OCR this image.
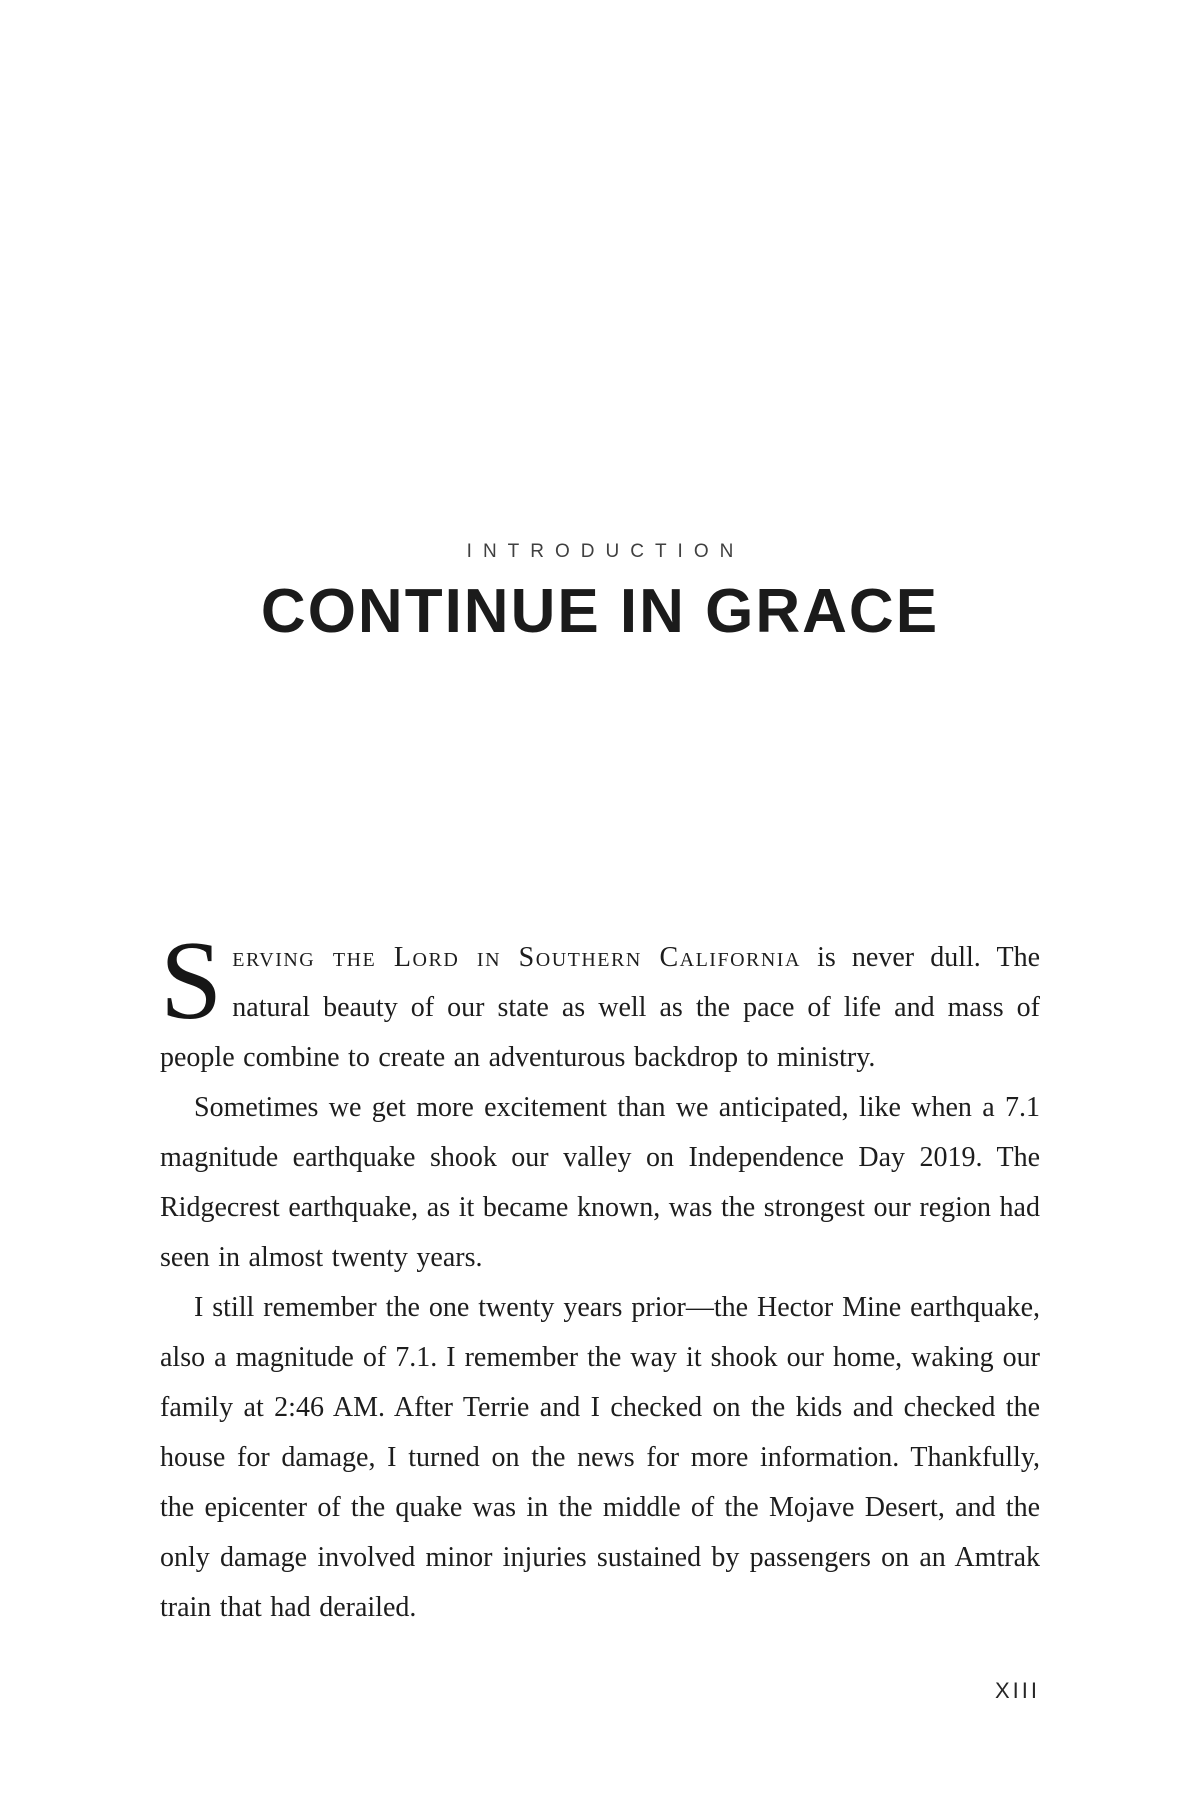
INTRODUCTION
CONTINUE IN GRACE

Serving the Lord in Southern California is never dull. The natural beauty of our state as well as the pace of life and mass of people combine to create an adventurous backdrop to ministry.

Sometimes we get more excitement than we anticipated, like when a 7.1 magnitude earthquake shook our valley on Independence Day 2019. The Ridgecrest earthquake, as it became known, was the strongest our region had seen in almost twenty years.

I still remember the one twenty years prior—the Hector Mine earthquake, also a magnitude of 7.1. I remember the way it shook our home, waking our family at 2:46 AM. After Terrie and I checked on the kids and checked the house for damage, I turned on the news for more information. Thankfully, the epicenter of the quake was in the middle of the Mojave Desert, and the only damage involved minor injuries sustained by passengers on an Amtrak train that had derailed.

XIII
